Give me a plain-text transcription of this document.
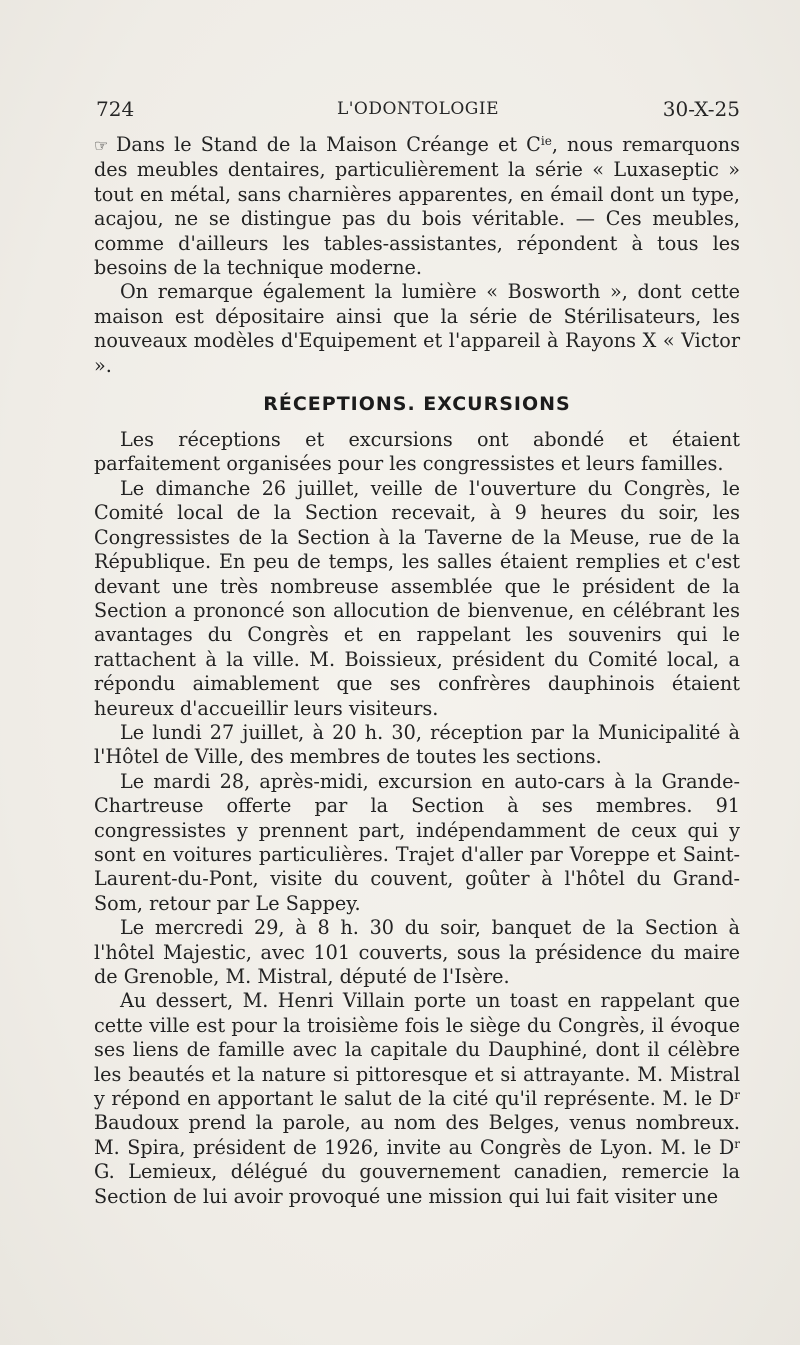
724	L'ODONTOLOGIE	30-X-25

☞ Dans le Stand de la Maison Créange et $C^{ie}$, nous remarquons des meubles dentaires, particulièrement la série « Luxaseptic » tout en métal, sans charnières apparentes, en émail dont un type, acajou, ne se distingue pas du bois véritable. — Ces meubles, comme d'ailleurs les tables-assistantes, répondent à tous les besoins de la technique moderne.

On remarque également la lumière « Bosworth », dont cette maison est dépositaire ainsi que la série de Stérilisateurs, les nouveaux modèles d'Equipement et l'appareil à Rayons X « Victor ».

RÉCEPTIONS. EXCURSIONS

Les réceptions et excursions ont abondé et étaient parfaitement organisées pour les congressistes et leurs familles.

Le dimanche 26 juillet, veille de l'ouverture du Congrès, le Comité local de la Section recevait, à 9 heures du soir, les Congressistes de la Section à la Taverne de la Meuse, rue de la République. En peu de temps, les salles étaient remplies et c'est devant une très nombreuse assemblée que le président de la Section a prononcé son allocution de bienvenue, en célébrant les avantages du Congrès et en rappelant les souvenirs qui le rattachent à la ville. M. Boissieux, président du Comité local, a répondu aimablement que ses confrères dauphinois étaient heureux d'accueillir leurs visiteurs.

Le lundi 27 juillet, à 20 h. 30, réception par la Municipalité à l'Hôtel de Ville, des membres de toutes les sections.

Le mardi 28, après-midi, excursion en auto-cars à la Grande-Chartreuse offerte par la Section à ses membres. 91 congressistes y prennent part, indépendamment de ceux qui y sont en voitures particulières. Trajet d'aller par Voreppe et Saint-Laurent-du-Pont, visite du couvent, goûter à l'hôtel du Grand-Som, retour par Le Sappey.

Le mercredi 29, à 8 h. 30 du soir, banquet de la Section à l'hôtel Majestic, avec 101 couverts, sous la présidence du maire de Grenoble, M. Mistral, député de l'Isère.

Au dessert, M. Henri Villain porte un toast en rappelant que cette ville est pour la troisième fois le siège du Congrès, il évoque ses liens de famille avec la capitale du Dauphiné, dont il célèbre les beautés et la nature si pittoresque et si attrayante. M. Mistral y répond en apportant le salut de la cité qu'il représente. M. le $D^r$ Baudoux prend la parole, au nom des Belges, venus nombreux. M. Spira, président de 1926, invite au Congrès de Lyon. M. le $D^r$ G. Lemieux, délégué du gouvernement canadien, remercie la Section de lui avoir provoqué une mission qui lui fait visiter une
